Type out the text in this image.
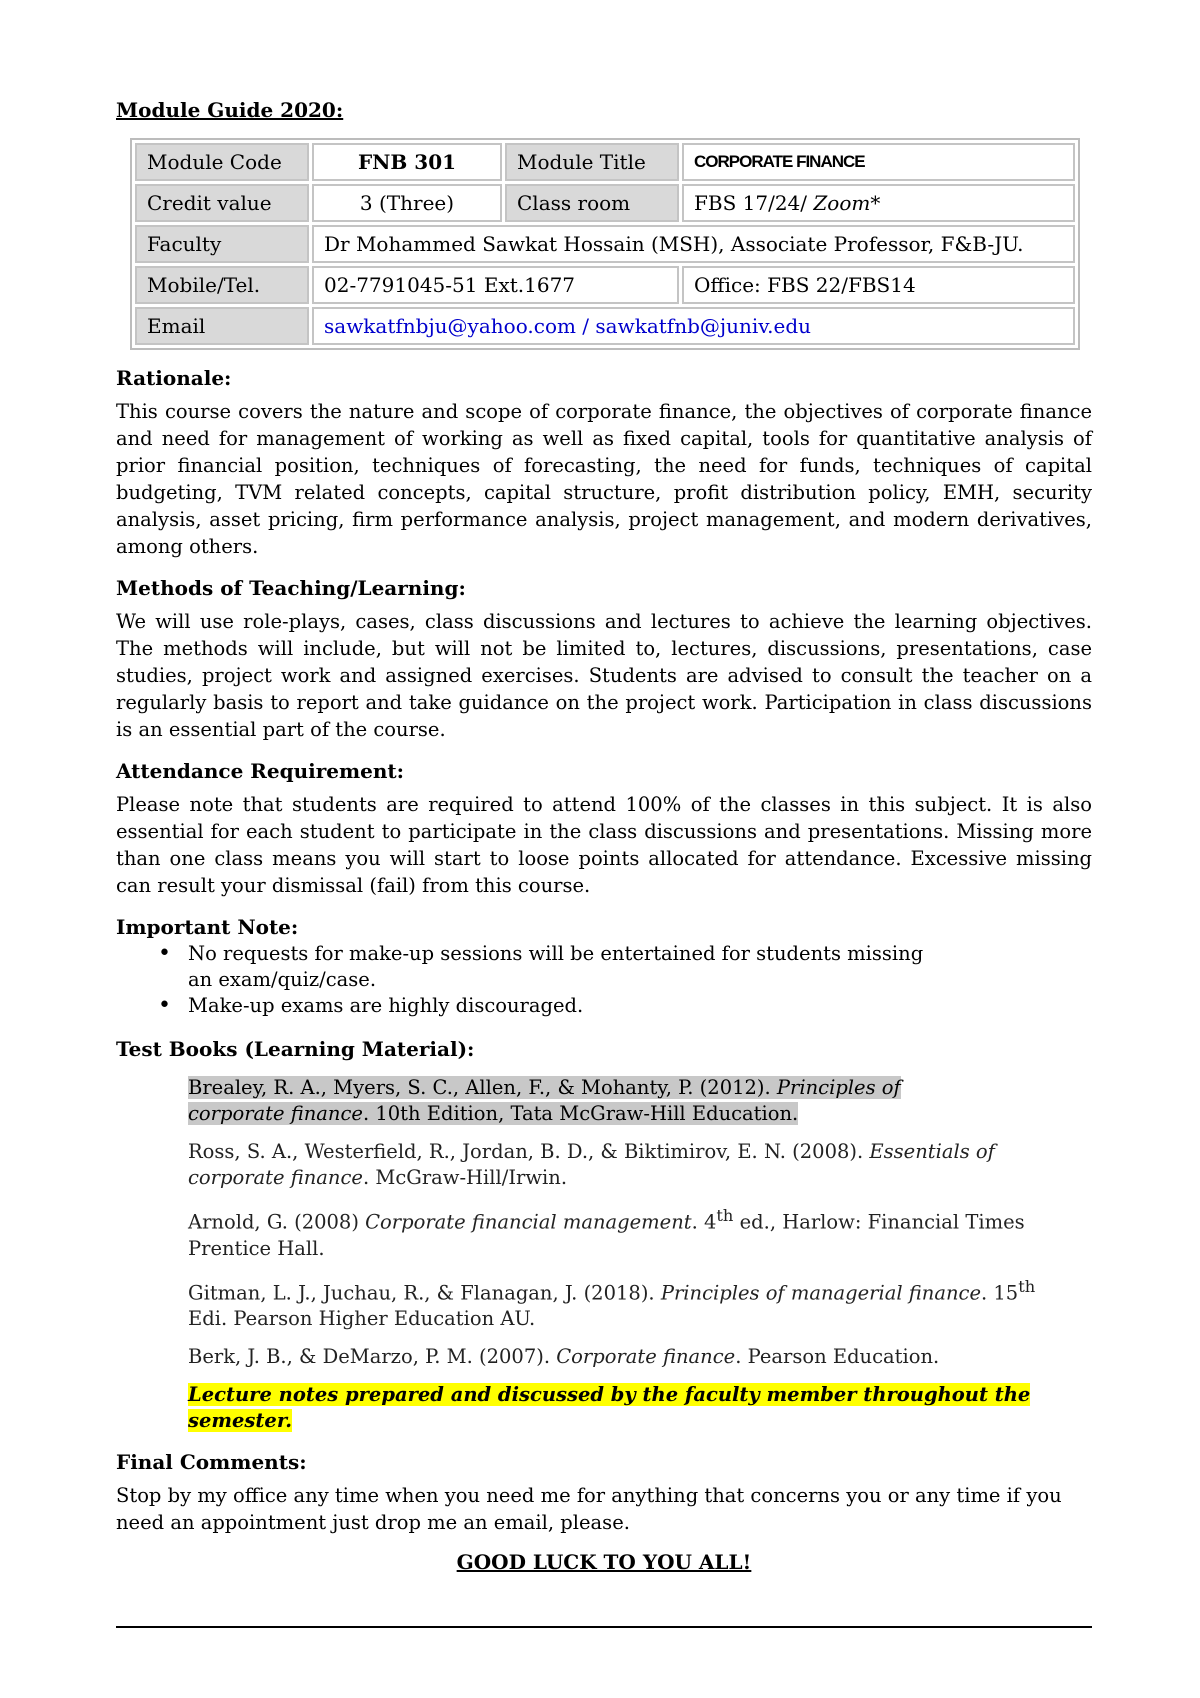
Module Guide 2020:
Module Code	FNB 301	Module Title	CORPORATE FINANCE
Credit value	3 (Three)	Class room	FBS 17/24/ Zoom*
Faculty	Dr Mohammed Sawkat Hossain (MSH), Associate Professor, F&B-JU.		
Mobile/Tel.	02-7791045-51 Ext.1677		Office: FBS 22/FBS14
Email	sawkatfnbju@yahoo.com / sawkatfnb@juniv.edu		
Rationale:

This course covers the nature and scope of corporate finance, the objectives of corporate finance and need for management of working as well as fixed capital, tools for quantitative analysis of prior financial position, techniques of forecasting, the need for funds, techniques of capital budgeting, TVM related concepts, capital structure, profit distribution policy, EMH, security analysis, asset pricing, firm performance analysis, project management, and modern derivatives, among others.

Methods of Teaching/Learning:

We will use role-plays, cases, class discussions and lectures to achieve the learning objectives. The methods will include, but will not be limited to, lectures, discussions, presentations, case studies, project work and assigned exercises. Students are advised to consult the teacher on a regularly basis to report and take guidance on the project work. Participation in class discussions is an essential part of the course.

Attendance Requirement:

Please note that students are required to attend 100% of the classes in this subject. It is also essential for each student to participate in the class discussions and presentations. Missing more than one class means you will start to loose points allocated for attendance. Excessive missing can result your dismissal (fail) from this course.

Important Note:
• No requests for make-up sessions will be entertained for students missing an exam/quiz/case.
• Make-up exams are highly discouraged.
Test Books (Learning Material):
Brealey, R. A., Myers, S. C., Allen, F., & Mohanty, P. (2012). Principles of corporate finance. 10th Edition, Tata McGraw-Hill Education.
Ross, S. A., Westerfield, R., Jordan, B. D., & Biktimirov, E. N. (2008). Essentials of corporate finance. McGraw-Hill/Irwin.
Arnold, G. (2008) Corporate financial management. 4th ed., Harlow: Financial Times Prentice Hall.
Gitman, L. J., Juchau, R., & Flanagan, J. (2018). Principles of managerial finance. 15th Edi. Pearson Higher Education AU.
Berk, J. B., & DeMarzo, P. M. (2007). Corporate finance. Pearson Education.
Lecture notes prepared and discussed by the faculty member throughout the semester.
Final Comments:

Stop by my office any time when you need me for anything that concerns you or any time if you need an appointment just drop me an email, please.

GOOD LUCK TO YOU ALL!
